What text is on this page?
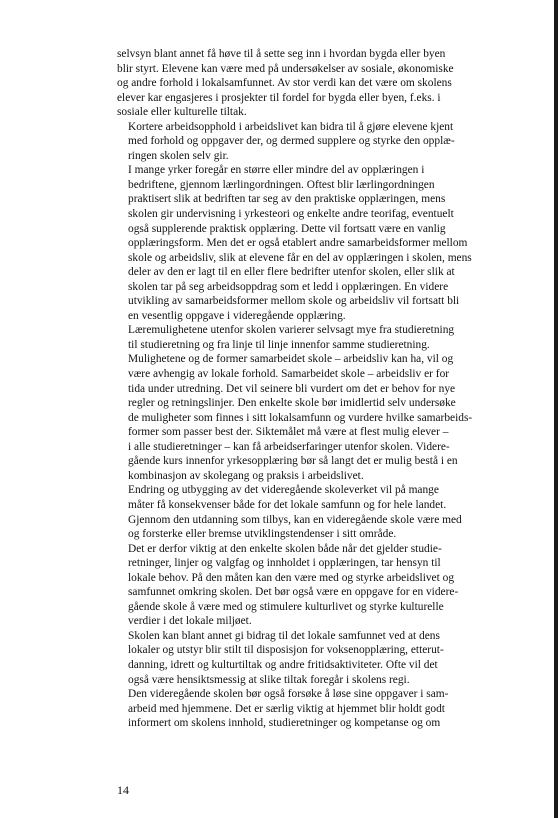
selvsyn blant annet få høve til å sette seg inn i hvordan bygda eller byen
blir styrt. Elevene kan være med på undersøkelser av sosiale, økonomiske
og andre forhold i lokalsamfunnet. Av stor verdi kan det være om skolens
elever kar engasjeres i prosjekter til fordel for bygda eller byen, f.eks. i
sosiale eller kulturelle tiltak.

Kortere arbeidsopphold i arbeidslivet kan bidra til å gjøre elevene kjent
med forhold og oppgaver der, og dermed supplere og styrke den opplæ-
ringen skolen selv gir.

I mange yrker foregår en større eller mindre del av opplæringen i
bedriftene, gjennom lærlingordningen. Oftest blir lærlingordningen
praktisert slik at bedriften tar seg av den praktiske opplæringen, mens
skolen gir undervisning i yrkesteori og enkelte andre teorifag, eventuelt
også supplerende praktisk opplæring. Dette vil fortsatt være en vanlig
opplæringsform. Men det er også etablert andre samarbeidsformer mellom
skole og arbeidsliv, slik at elevene får en del av opplæringen i skolen, mens
deler av den er lagt til en eller flere bedrifter utenfor skolen, eller slik at
skolen tar på seg arbeidsoppdrag som et ledd i opplæringen. En videre
utvikling av samarbeidsformer mellom skole og arbeidsliv vil fortsatt bli
en vesentlig oppgave i videregående opplæring.

Læremulighetene utenfor skolen varierer selvsagt mye fra studieretning
til studieretning og fra linje til linje innenfor samme studieretning.
Mulighetene og de former samarbeidet skole – arbeidsliv kan ha, vil og
være avhengig av lokale forhold. Samarbeidet skole – arbeidsliv er for
tida under utredning. Det vil seinere bli vurdert om det er behov for nye
regler og retningslinjer. Den enkelte skole bør imidlertid selv undersøke
de muligheter som finnes i sitt lokalsamfunn og vurdere hvilke samarbeids-
former som passer best der. Siktemålet må være at flest mulig elever –
i alle studieretninger – kan få arbeidserfaringer utenfor skolen. Videre-
gående kurs innenfor yrkesopplæring bør så langt det er mulig bestå i en
kombinasjon av skolegang og praksis i arbeidslivet.

Endring og utbygging av det videregående skoleverket vil på mange
måter få konsekvenser både for det lokale samfunn og for hele landet.
Gjennom den utdanning som tilbys, kan en videregående skole være med
og forsterke eller bremse utviklingstendenser i sitt område.

Det er derfor viktig at den enkelte skolen både når det gjelder studie-
retninger, linjer og valgfag og innholdet i opplæringen, tar hensyn til
lokale behov. På den måten kan den være med og styrke arbeidslivet og
samfunnet omkring skolen. Det bør også være en oppgave for en videre-
gående skole å være med og stimulere kulturlivet og styrke kulturelle
verdier i det lokale miljøet.

Skolen kan blant annet gi bidrag til det lokale samfunnet ved at dens
lokaler og utstyr blir stilt til disposisjon for voksenopplæring, etterut-
danning, idrett og kulturtiltak og andre fritidsaktiviteter. Ofte vil det
også være hensiktsmessig at slike tiltak foregår i skolens regi.

Den videregående skolen bør også forsøke å løse sine oppgaver i sam-
arbeid med hjemmene. Det er særlig viktig at hjemmet blir holdt godt
informert om skolens innhold, studieretninger og kompetanse og om

14
